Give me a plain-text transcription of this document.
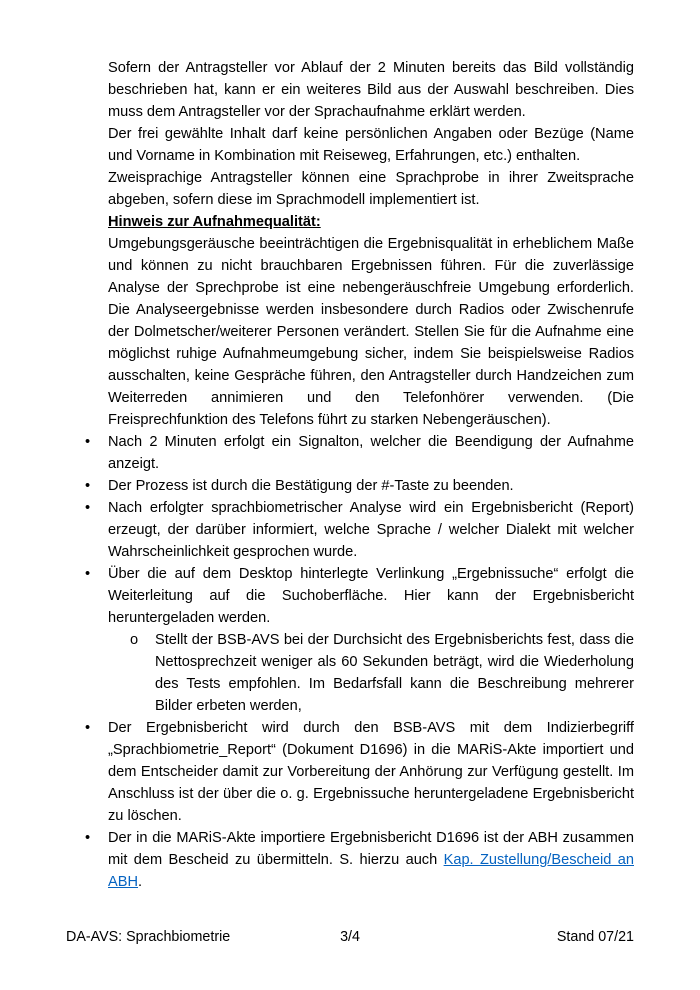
Sofern der Antragsteller vor Ablauf der 2 Minuten bereits das Bild vollständig beschrieben hat, kann er ein weiteres Bild aus der Auswahl beschreiben. Dies muss dem Antragsteller vor der Sprachaufnahme erklärt werden.

Der frei gewählte Inhalt darf keine persönlichen Angaben oder Bezüge (Name und Vorname in Kombination mit Reiseweg, Erfahrungen, etc.) enthalten.

Zweisprachige Antragsteller können eine Sprachprobe in ihrer Zweitsprache abgeben, sofern diese im Sprachmodell implementiert ist.

Hinweis zur Aufnahmequalität:

Umgebungsgeräusche beeinträchtigen die Ergebnisqualität in erheblichem Maße und können zu nicht brauchbaren Ergebnissen führen. Für die zuverlässige Analyse der Sprechprobe ist eine nebengeräuschfreie Umgebung erforderlich. Die Analyseergebnisse werden insbesondere durch Radios oder Zwischenrufe der Dolmetscher/weiterer Personen verändert. Stellen Sie für die Aufnahme eine möglichst ruhige Aufnahmeumgebung sicher, indem Sie beispielsweise Radios ausschalten, keine Gespräche führen, den Antragsteller durch Handzeichen zum Weiterreden annimieren und den Telefonhörer verwenden. (Die Freisprechfunktion des Telefons führt zu starken Nebengeräuschen).

•	Nach 2 Minuten erfolgt ein Signalton, welcher die Beendigung der Aufnahme anzeigt.
•	Der Prozess ist durch die Bestätigung der #-Taste zu beenden.
•	Nach erfolgter sprachbiometrischer Analyse wird ein Ergebnisbericht (Report) erzeugt, der darüber informiert, welche Sprache / welcher Dialekt mit welcher Wahrscheinlichkeit gesprochen wurde.
•	Über die auf dem Desktop hinterlegte Verlinkung „Ergebnissuche“ erfolgt die Weiterleitung auf die Suchoberfläche. Hier kann der Ergebnisbericht heruntergeladen werden.
o	Stellt der BSB-AVS bei der Durchsicht des Ergebnisberichts fest, dass die Nettosprechzeit weniger als 60 Sekunden beträgt, wird die Wiederholung des Tests empfohlen. Im Bedarfsfall kann die Beschreibung mehrerer Bilder erbeten werden,
•	Der Ergebnisbericht wird durch den BSB-AVS mit dem Indizierbegriff „Sprachbiometrie_Report“ (Dokument D1696) in die MARiS-Akte importiert und dem Entscheider damit zur Vorbereitung der Anhörung zur Verfügung gestellt. Im Anschluss ist der über die o. g. Ergebnissuche heruntergeladene Ergebnisbericht zu löschen.
•	Der in die MARiS-Akte importiere Ergebnisbericht D1696 ist der ABH zusammen mit dem Bescheid zu übermitteln. S. hierzu auch Kap. Zustellung/Bescheid an ABH.
DA-AVS: Sprachbiometrie	3/4	Stand 07/21
